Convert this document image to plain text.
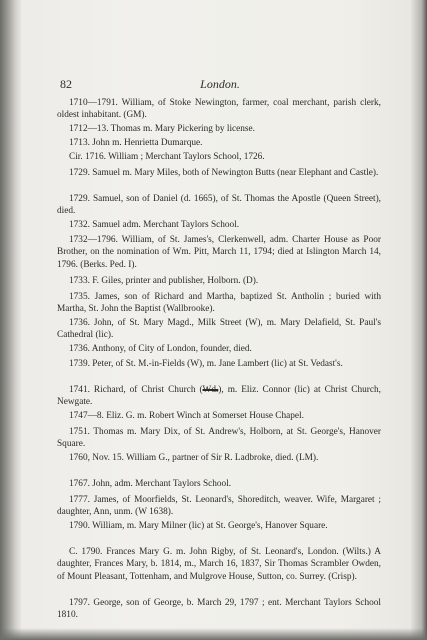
82	London.

1710—1791. William, of Stoke Newington, farmer, coal merchant, parish clerk, oldest inhabitant. (GM).

1712—13. Thomas m. Mary Pickering by license.

1713. John m. Henrietta Dumarque.

Cir. 1716. William ; Merchant Taylors School, 1726.

1729. Samuel m. Mary Miles, both of Newington Butts (near Elephant and Castle).

1729. Samuel, son of Daniel (d. 1665), of St. Thomas the Apostle (Queen Street), died.

1732. Samuel adm. Merchant Taylors School.

1732—1796. William, of St. James's, Clerkenwell, adm. Charter House as Poor Brother, on the nomination of Wm. Pitt, March 11, 1794; died at Islington March 14, 1796. (Berks. Ped. I).

1733. F. Giles, printer and publisher, Holborn. (D).

1735. James, son of Richard and Martha, baptized St. Antholin ; buried with Martha, St. John the Baptist (Wallbrooke).

1736. John, of St. Mary Magd., Milk Street (W), m. Mary Delafield, St. Paul's Cathedral (lic).

1736. Anthony, of City of London, founder, died.

1739. Peter, of St. M.-in-Fields (W), m. Jane Lambert (lic) at St. Vedast's.

1741. Richard, of Christ Church (Wd.), m. Eliz. Connor (lic) at Christ Church, Newgate.

1747—8. Eliz. G. m. Robert Winch at Somerset House Chapel.

1751. Thomas m. Mary Dix, of St. Andrew's, Holborn, at St. George's, Hanover Square.

1760, Nov. 15. William G., partner of Sir R. Ladbroke, died. (LM).

1767. John, adm. Merchant Taylors School.

1777. James, of Moorfields, St. Leonard's, Shoreditch, weaver. Wife, Margaret ; daughter, Ann, unm. (W 1638).

1790. William, m. Mary Milner (lic) at St. George's, Hanover Square.

C. 1790. Frances Mary G. m. John Rigby, of St. Leonard's, London. (Wilts.) A daughter, Frances Mary, b. 1814, m., March 16, 1837, Sir Thomas Scrambler Owden, of Mount Pleasant, Tottenham, and Mulgrove House, Sutton, co. Surrey. (Crisp).

1797. George, son of George, b. March 29, 1797 ; ent. Merchant Taylors School 1810.
